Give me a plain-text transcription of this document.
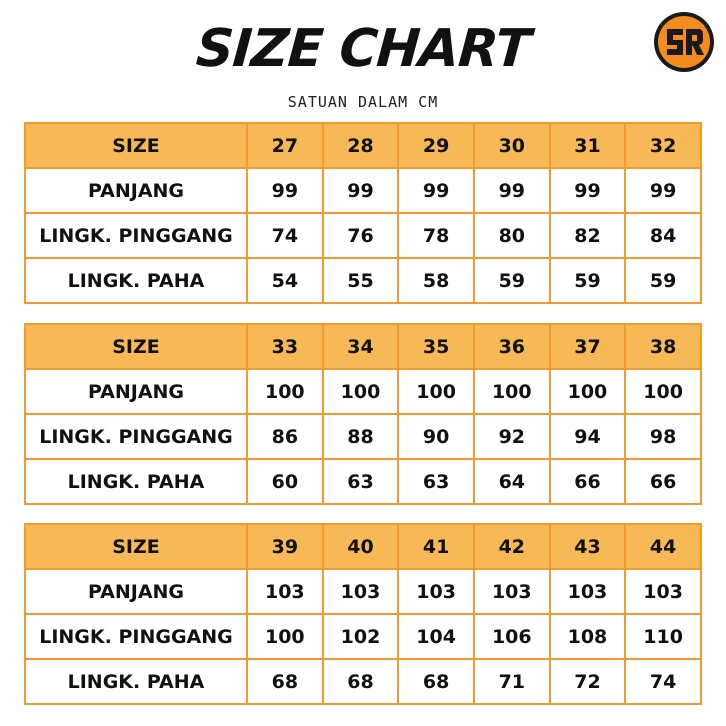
SIZE CHART
SATUAN DALAM CM
SIZE	27	28	29	30	31	32
PANJANG	99	99	99	99	99	99
LINGK. PINGGANG	74	76	78	80	82	84
LINGK. PAHA	54	55	58	59	59	59
SIZE	33	34	35	36	37	38
PANJANG	100	100	100	100	100	100
LINGK. PINGGANG	86	88	90	92	94	98
LINGK. PAHA	60	63	63	64	66	66
SIZE	39	40	41	42	43	44
PANJANG	103	103	103	103	103	103
LINGK. PINGGANG	100	102	104	106	108	110
LINGK. PAHA	68	68	68	71	72	74
